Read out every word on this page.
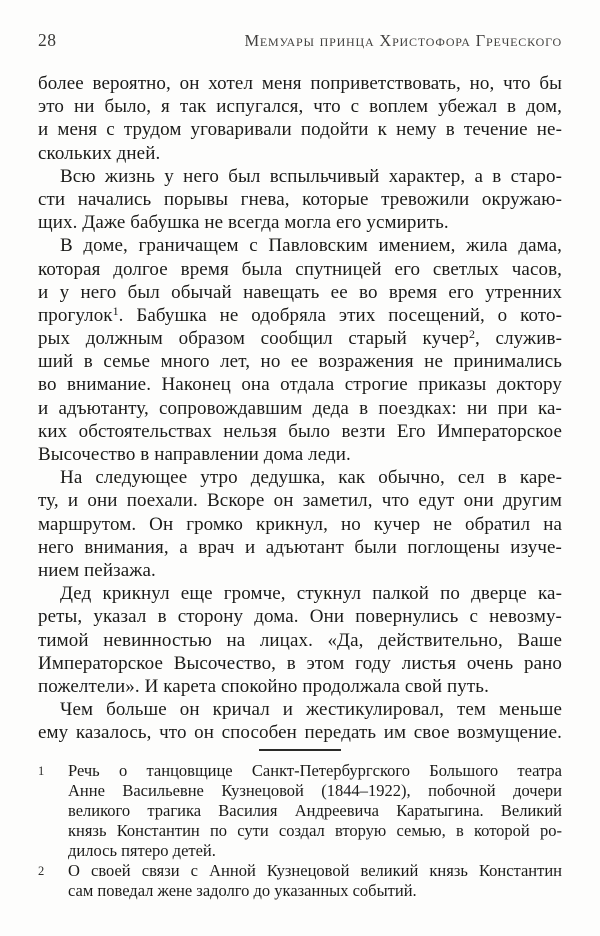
28	Мемуары принца Христофора Греческого

более вероятно, он хотел меня поприветствовать, но, что бы
это ни было, я так испугался, что с воплем убежал в дом,
и меня с трудом уговаривали подойти к нему в течение не-
скольких дней.

Всю жизнь у него был вспыльчивый характер, а в старо-
сти начались порывы гнева, которые тревожили окружаю-
щих. Даже бабушка не всегда могла его усмирить.

В доме, граничащем с Павловским имением, жила дама,
которая долгое время была спутницей его светлых часов,
и у него был обычай навещать ее во время его утренних
прогулок$^1$. Бабушка не одобряла этих посещений, о кото-
рых должным образом сообщил старый кучер$^2$, служив-
ший в семье много лет, но ее возражения не принимались
во внимание. Наконец она отдала строгие приказы доктору
и адъютанту, сопровождавшим деда в поездках: ни при ка-
ких обстоятельствах нельзя было везти Его Императорское
Высочество в направлении дома леди.

На следующее утро дедушка, как обычно, сел в каре-
ту, и они поехали. Вскоре он заметил, что едут они другим
маршрутом. Он громко крикнул, но кучер не обратил на
него внимания, а врач и адъютант были поглощены изуче-
нием пейзажа.

Дед крикнул еще громче, стукнул палкой по дверце ка-
реты, указал в сторону дома. Они повернулись с невозму-
тимой невинностью на лицах. «Да, действительно, Ваше
Императорское Высочество, в этом году листья очень рано
пожелтели». И карета спокойно продолжала свой путь.

Чем больше он кричал и жестикулировал, тем меньше
ему казалось, что он способен передать им свое возмущение.

1	Речь о танцовщице Санкт-Петербургского Большого театра
Анне Васильевне Кузнецовой (1844–1922), побочной дочери
великого трагика Василия Андреевича Каратыгина. Великий
князь Константин по сути создал вторую семью, в которой ро-
дилось пятеро детей.
2	О своей связи с Анной Кузнецовой великий князь Константин
сам поведал жене задолго до указанных событий.
